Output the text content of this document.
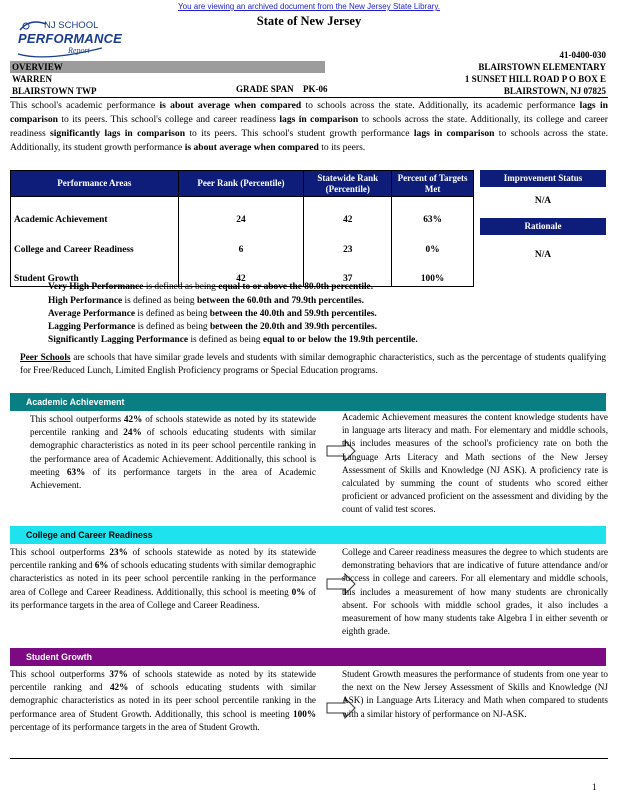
You are viewing an archived document from the New Jersey State Library.
State of New Jersey
NJ SCHOOL
PERFORMANCE
Report	41-0400-030
OVERVIEW	BLAIRSTOWN ELEMENTARY
WARREN	1 SUNSET HILL ROAD P O BOX E
BLAIRSTOWN TWP	GRADE SPAN PK-06	BLAIRSTOWN, NJ 07825
This school's academic performance is about average when compared to schools across the state. Additionally, its academic performance lags in comparison to its peers. This school's college and career readiness lags in comparison to schools across the state. Additionally, its college and career readiness significantly lags in comparison to its peers. This school's student growth performance lags in comparison to schools across the state. Additionally, its student growth performance is about average when compared to its peers.
Performance Areas	Peer Rank (Percentile)	Statewide Rank (Percentile)	Percent of Targets Met
Academic Achievement	24	42	63%
College and Career Readiness	6	23	0%
Student Growth	42	37	100%
Improvement Status
N/A
Rationale
N/A
Very High Performance is defined as being equal to or above the 80.0th percentile.
High Performance is defined as being between the 60.0th and 79.9th percentiles.
Average Performance is defined as being between the 40.0th and 59.9th percentiles.
Lagging Performance is defined as being between the 20.0th and 39.9th percentiles.
Significantly Lagging Performance is defined as being equal to or below the 19.9th percentile.
Peer Schools are schools that have similar grade levels and students with similar demographic characteristics, such as the percentage of students qualifying for Free/Reduced Lunch, Limited English Proficiency programs or Special Education programs.
Academic Achievement
This school outperforms 42% of schools statewide as noted by its statewide percentile ranking and 24% of schools educating students with similar demographic characteristics as noted in its peer school percentile ranking in the performance area of Academic Achievement. Additionally, this school is meeting 63% of its performance targets in the area of Academic Achievement.
Academic Achievement measures the content knowledge students have in language arts literacy and math. For elementary and middle schools, this includes measures of the school's proficiency rate on both the Language Arts Literacy and Math sections of the New Jersey Assessment of Skills and Knowledge (NJ ASK). A proficiency rate is calculated by summing the count of students who scored either proficient or advanced proficient on the assessment and dividing by the count of valid test scores.
College and Career Readiness
This school outperforms 23% of schools statewide as noted by its statewide percentile ranking and 6% of schools educating students with similar demographic characteristics as noted in its peer school percentile ranking in the performance area of College and Career Readiness. Additionally, this school is meeting 0% of its performance targets in the area of College and Career Readiness.
College and Career readiness measures the degree to which students are demonstrating behaviors that are indicative of future attendance and/or success in college and careers. For all elementary and middle schools, this includes a measurement of how many students are chronically absent. For schools with middle school grades, it also includes a measurement of how many students take Algebra I in either seventh or eighth grade.
Student Growth
This school outperforms 37% of schools statewide as noted by its statewide percentile ranking and 42% of schools educating students with similar demographic characteristics as noted in its peer school percentile ranking in the performance area of Student Growth. Additionally, this school is meeting 100% percentage of its performance targets in the area of Student Growth.
Student Growth measures the performance of students from one year to the next on the New Jersey Assessment of Skills and Knowledge (NJ ASK) in Language Arts Literacy and Math when compared to students with a similar history of performance on NJ-ASK.
1
